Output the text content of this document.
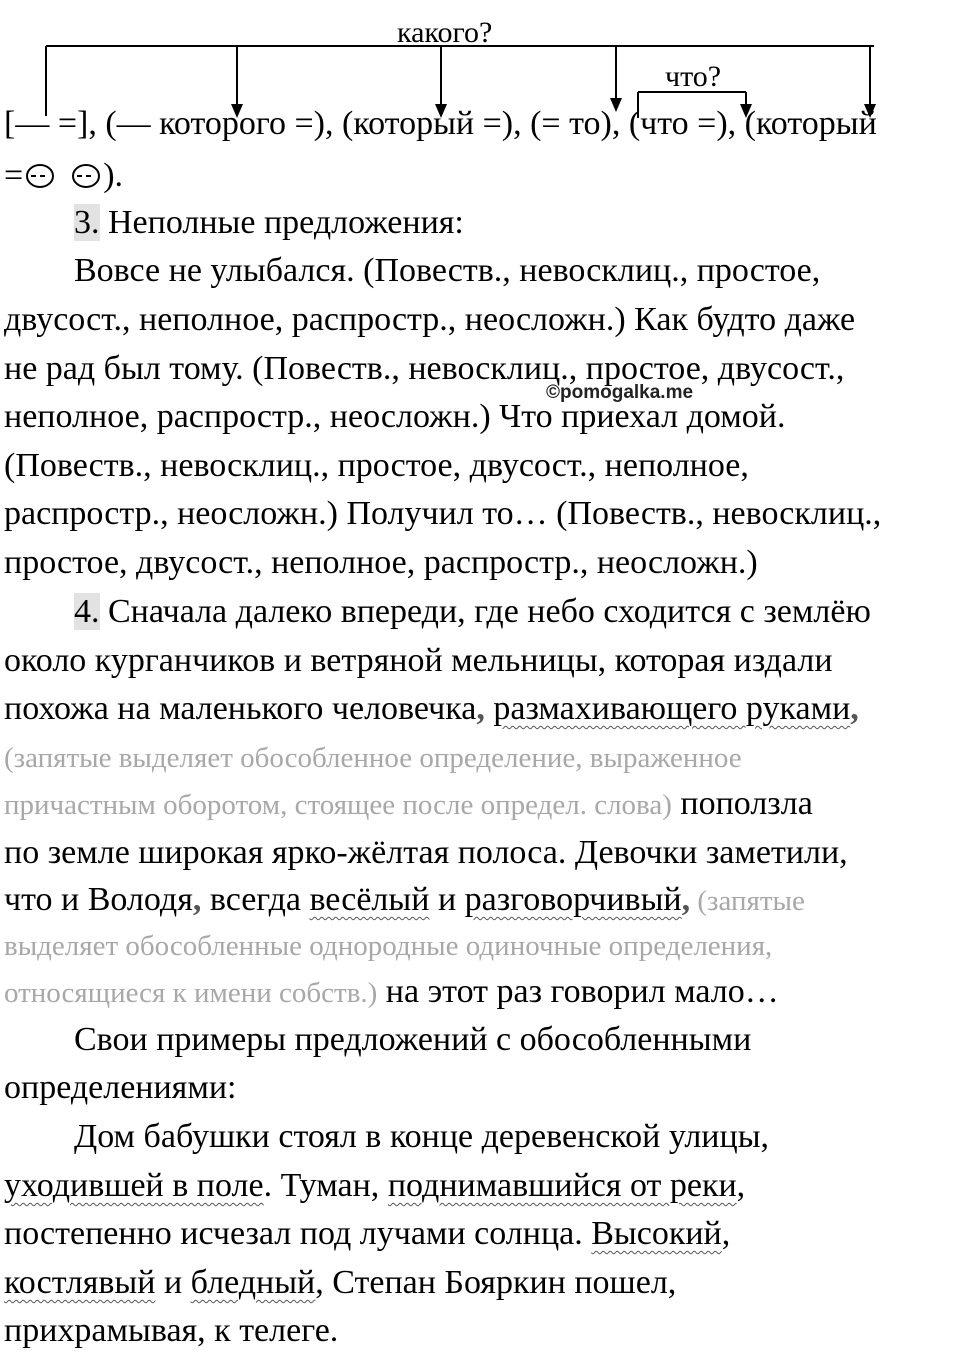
какого?
что?
[— =], (— которого =), (который =), (= то), (что =), (который
= ).
©pomogalka.me
3. Неполные предложения:
Вовсе не улыбался. (Повеств., невосклиц., простое,
двусост., неполное, распростр., неосложн.) Как будто даже
не рад был тому. (Повеств., невосклиц., простое, двусост.,
неполное, распростр., неосложн.) Что приехал домой.
(Повеств., невосклиц., простое, двусост., неполное,
распростр., неосложн.) Получил то… (Повеств., невосклиц.,
простое, двусост., неполное, распростр., неосложн.)
4. Сначала далеко впереди, где небо сходится с землёю
около курганчиков и ветряной мельницы, которая издали
похожа на маленького человечка, размахивающего руками,
(запятые выделяет обособленное определение, выраженное
причастным оборотом, стоящее после определ. слова) поползла
по земле широкая ярко-жёлтая полоса. Девочки заметили,
что и Володя, всегда весёлый и разговорчивый, (запятые
выделяет обособленные однородные одиночные определения,
относящиеся к имени собств.) на этот раз говорил мало…
Свои примеры предложений с обособленными
определениями:
Дом бабушки стоял в конце деревенской улицы,
уходившей в поле. Туман, поднимавшийся от реки,
постепенно исчезал под лучами солнца. Высокий,
костлявый и бледный, Степан Бояркин пошел,
прихрамывая, к телеге.
